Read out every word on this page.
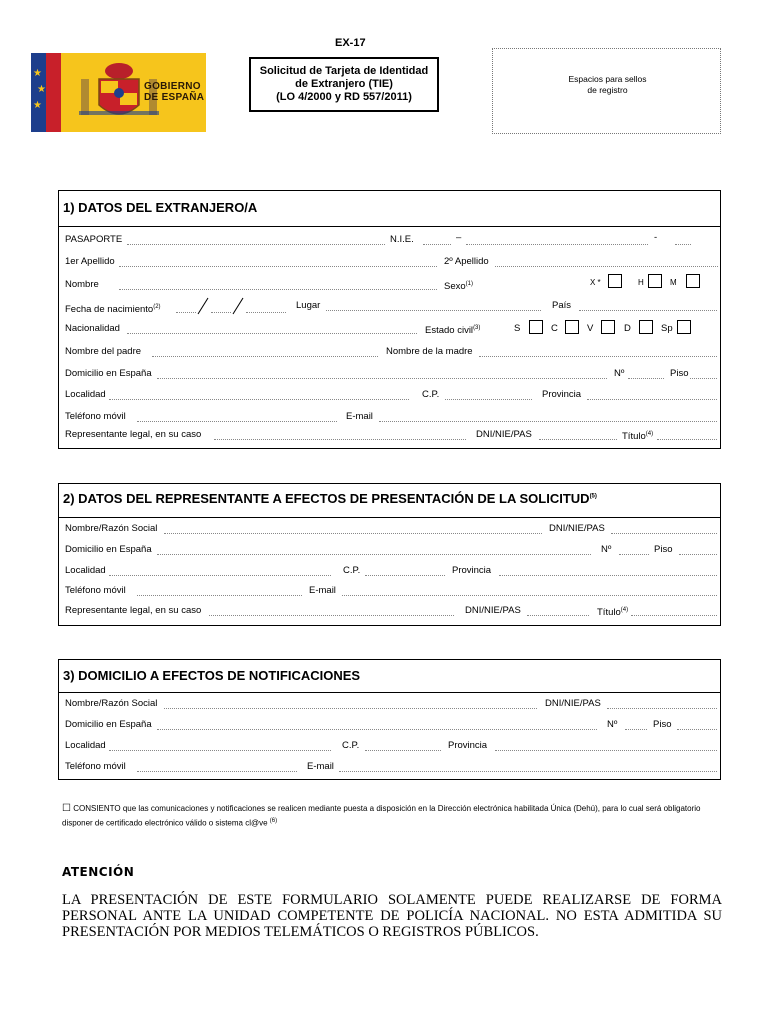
★
★
★
GOBIERNO
DE ESPAÑA
EX-17
Solicitud de Tarjeta de Identidad
de Extranjero (TIE)
(LO 4/2000 y RD 557/2011)
Espacios para sellos
de registro
1) DATOS DEL EXTRANJERO/A
PASAPORTE	N.I.E.	–	-
1er Apellido	2º Apellido
Nombre	Sexo$^{(1)}$	X *	H	M
Fecha de nacimiento$^{(2)}$	Lugar	País
Nacionalidad	Estado civil$^{(3)}$	S	C	V	D	Sp
Nombre del padre	Nombre de la madre
Domicilio en España	Nº	Piso
Localidad	C.P.	Provincia
Teléfono móvil	E-mail
Representante legal, en su caso	DNI/NIE/PAS	Título$^{(4)}$
2) DATOS DEL REPRESENTANTE A EFECTOS DE PRESENTACIÓN DE LA SOLICITUD$^{(5)}$
Nombre/Razón Social	DNI/NIE/PAS
Domicilio en España	Nº	Piso
Localidad	C.P.	Provincia
Teléfono móvil	E-mail
Representante legal, en su caso	DNI/NIE/PAS	Título$^{(4)}$
3) DOMICILIO A EFECTOS DE NOTIFICACIONES
Nombre/Razón Social	DNI/NIE/PAS
Domicilio en España	Nº	Piso
Localidad	C.P.	Provincia
Teléfono móvil	E-mail
☐ CONSIENTO que las comunicaciones y notificaciones se realicen mediante puesta a disposición en la Dirección electrónica habilitada Única (Dehú), para lo cual será obligatorio disponer de certificado electrónico válido o sistema cl@ve $^{(6)}$
ATENCIÓN
LA PRESENTACIÓN DE ESTE FORMULARIO SOLAMENTE PUEDE REALIZARSE DE FORMA PERSONAL ANTE LA UNIDAD COMPETENTE DE POLICÍA NACIONAL. NO ESTA ADMITIDA SU PRESENTACIÓN POR MEDIOS TELEMÁTICOS O REGISTROS PÚBLICOS.
